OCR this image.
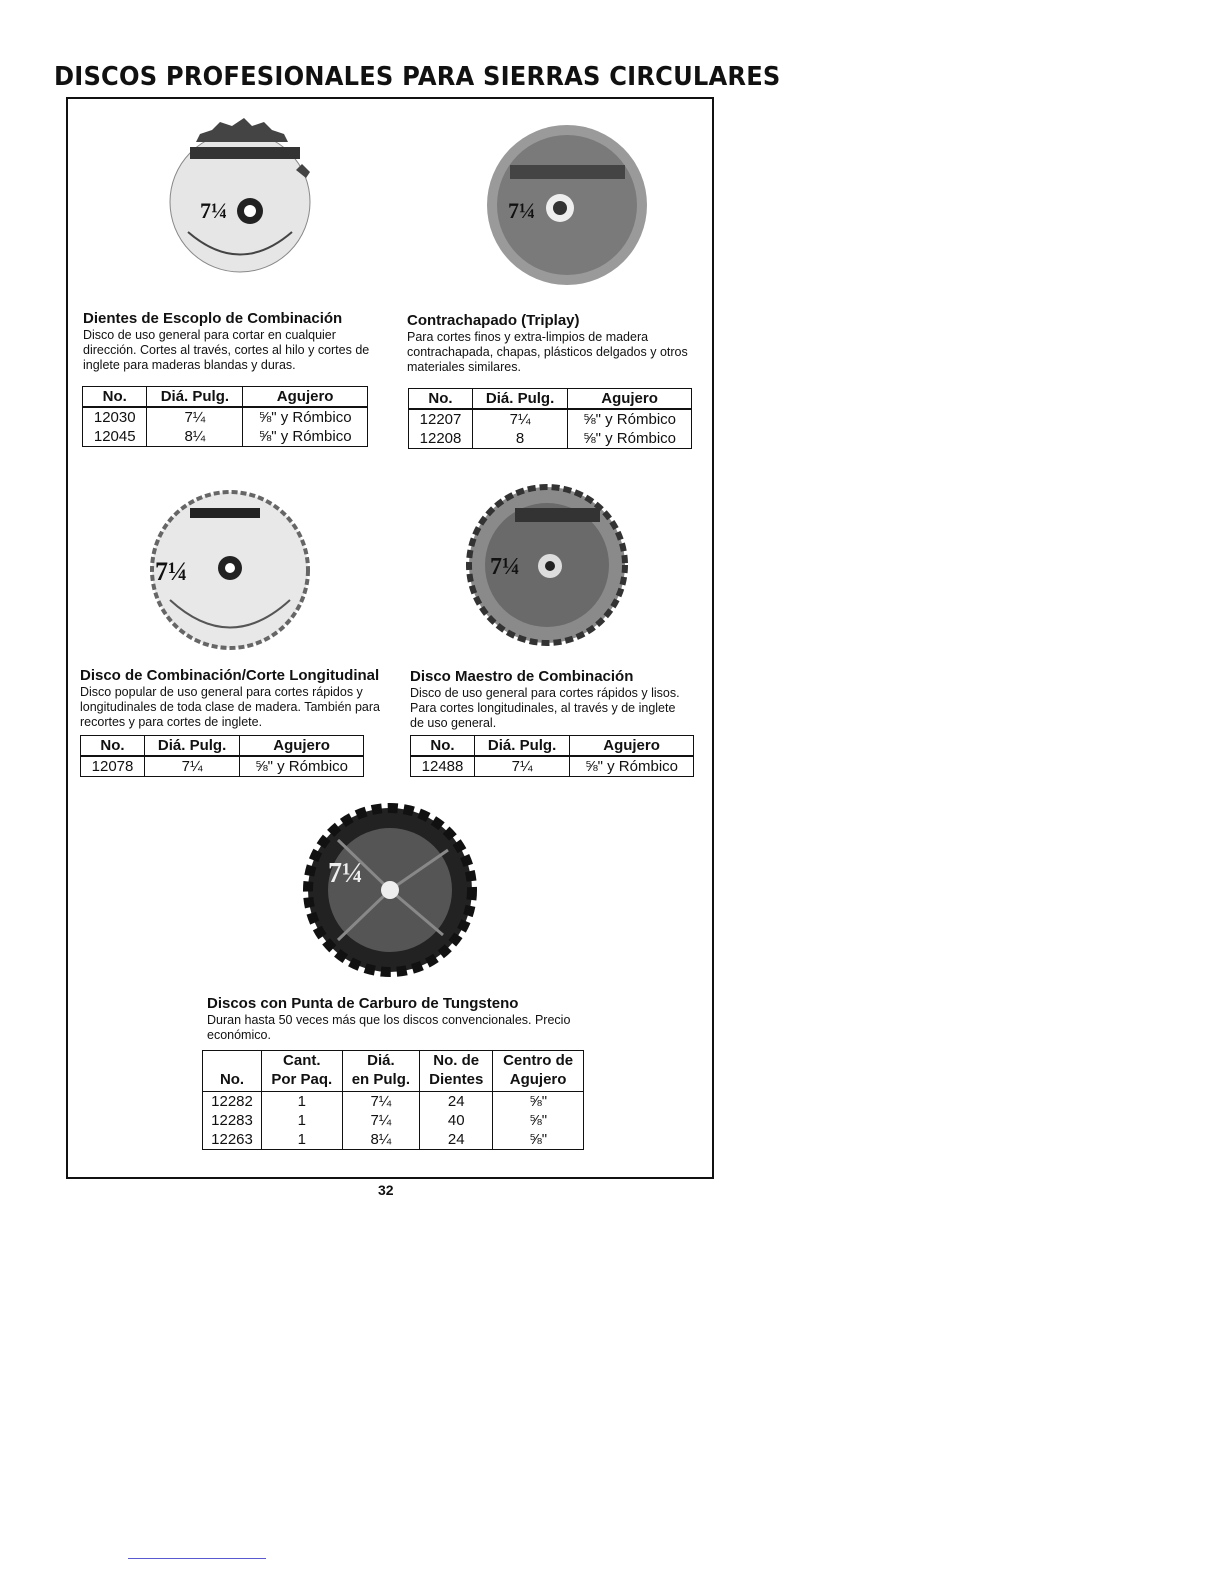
DISCOS PROFESIONALES PARA SIERRAS CIRCULARES
7¼	7¼
7¼	7¼
7¼
Dientes de Escoplo de Combinación

Disco de uso general para cortar en cualquier dirección. Cortes al través, cortes al hilo y cortes de inglete para maderas blandas y duras.

No.	Diá. Pulg.	Agujero
12030	7¼	⅝" y Rómbico
12045	8¼	⅝" y Rómbico
Contrachapado (Triplay)

Para cortes finos y extra-limpios de madera contrachapada, chapas, plásticos delgados y otros materiales similares.

No.	Diá. Pulg.	Agujero
12207	7¼	⅝" y Rómbico
12208	8	⅝" y Rómbico
Disco de Combinación/Corte Longitudinal

Disco popular de uso general para cortes rápidos y longitudinales de toda clase de madera. También para recortes y para cortes de inglete.

No.	Diá. Pulg.	Agujero
12078	7¼	⅝" y Rómbico
Disco Maestro de Combinación

Disco de uso general para cortes rápidos y lisos. Para cortes longitudinales, al través y de inglete de uso general.

No.	Diá. Pulg.	Agujero
12488	7¼	⅝" y Rómbico
Discos con Punta de Carburo de Tungsteno

Duran hasta 50 veces más que los discos convencionales. Precio económico.

	Cant.	Diá.	No. de	Centro de
No.	Por Paq.	en Pulg.	Dientes	Agujero
12282	1	7¼	24	⅝"
12283	1	7¼	40	⅝"
12263	1	8¼	24	⅝"
32
